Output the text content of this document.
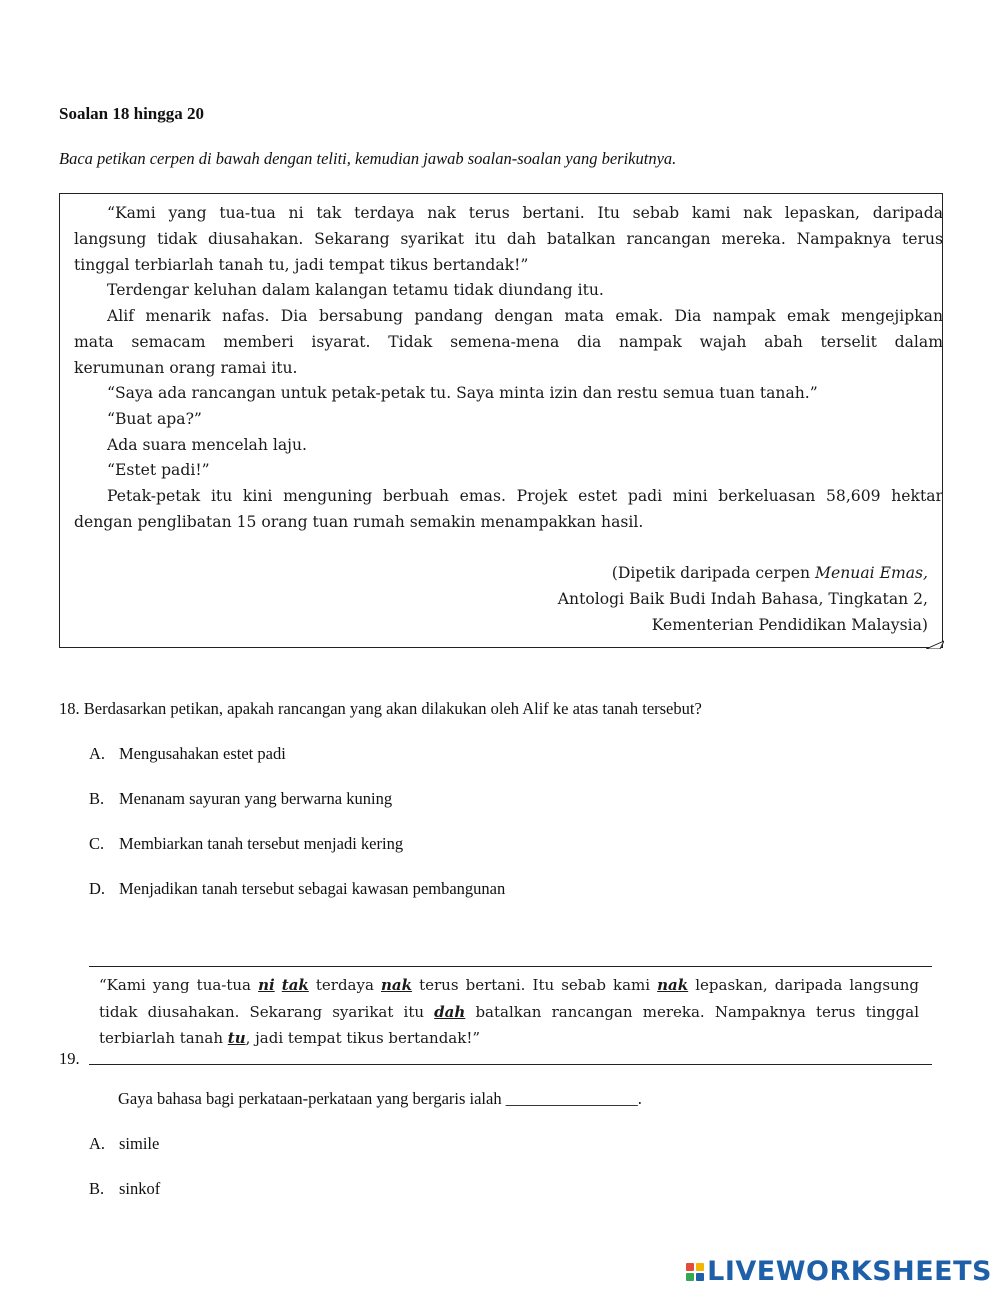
Soalan 18 hingga 20
Baca petikan cerpen di bawah dengan teliti, kemudian jawab soalan-soalan yang berikutnya.
“Kami yang tua-tua ni tak terdaya nak terus bertani. Itu sebab kami nak lepaskan, daripada
langsung tidak diusahakan. Sekarang syarikat itu dah batalkan rancangan mereka. Nampaknya terus
tinggal terbiarlah tanah tu, jadi tempat tikus bertandak!”
Terdengar keluhan dalam kalangan tetamu tidak diundang itu.
Alif menarik nafas. Dia bersabung pandang dengan mata emak. Dia nampak emak mengejipkan
mata semacam memberi isyarat. Tidak semena-mena dia nampak wajah abah terselit dalam
kerumunan orang ramai itu.
“Saya ada rancangan untuk petak-petak tu. Saya minta izin dan restu semua tuan tanah.”
“Buat apa?”
Ada suara mencelah laju.
“Estet padi!”
Petak-petak itu kini menguning berbuah emas. Projek estet padi mini berkeluasan 58,609 hektar
dengan penglibatan 15 orang tuan rumah semakin menampakkan hasil.
(Dipetik daripada cerpen Menuai Emas,
Antologi Baik Budi Indah Bahasa, Tingkatan 2,
Kementerian Pendidikan Malaysia)
18. Berdasarkan petikan, apakah rancangan yang akan dilakukan oleh Alif ke atas tanah tersebut?
A. Mengusahakan estet padi
B. Menanam sayuran yang berwarna kuning
C. Membiarkan tanah tersebut menjadi kering
D. Menjadikan tanah tersebut sebagai kawasan pembangunan
19.
“Kami yang tua-tua ni tak terdaya nak terus bertani. Itu sebab kami nak lepaskan, daripada langsung
tidak diusahakan. Sekarang syarikat itu dah batalkan rancangan mereka. Nampaknya terus tinggal
terbiarlah tanah tu, jadi tempat tikus bertandak!”
Gaya bahasa bagi perkataan-perkataan yang bergaris ialah ________________.
A. simile
B. sinkof
LIVEWORKSHEETS
